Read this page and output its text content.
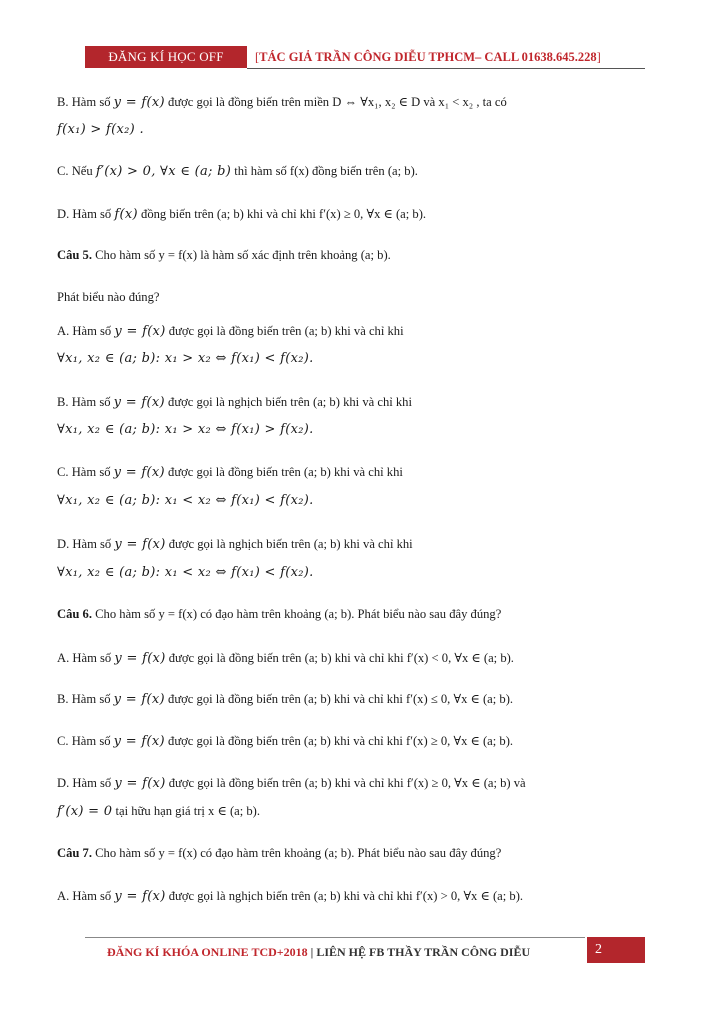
ĐĂNG KÍ HỌC OFF	[TÁC GIẢ TRẦN CÔNG DIỄU TPHCM– CALL 01638.645.228]
B. Hàm số y = f(x) được gọi là đồng biến trên miền D ⇔ ∀x₁, x₂ ∈ D và x₁ < x₂ , ta có
f(x₁) > f(x₂) .
C. Nếu f′(x) > 0, ∀x ∈ (a; b) thì hàm số f(x) đồng biến trên (a; b).
D. Hàm số f(x) đồng biến trên (a; b) khi và chỉ khi f′(x) ≥ 0, ∀x ∈ (a; b).
Câu 5. Cho hàm số y = f(x) là hàm số xác định trên khoảng (a; b).
Phát biểu nào đúng?
A. Hàm số y = f(x) được gọi là đồng biến trên (a; b) khi và chỉ khi
∀x₁, x₂ ∈ (a; b): x₁ > x₂ ⇔ f(x₁) < f(x₂).
B. Hàm số y = f(x) được gọi là nghịch biến trên (a; b) khi và chỉ khi
∀x₁, x₂ ∈ (a; b): x₁ > x₂ ⇔ f(x₁) > f(x₂).
C. Hàm số y = f(x) được gọi là đồng biến trên (a; b) khi và chỉ khi
∀x₁, x₂ ∈ (a; b): x₁ < x₂ ⇔ f(x₁) < f(x₂).
D. Hàm số y = f(x) được gọi là nghịch biến trên (a; b) khi và chỉ khi
∀x₁, x₂ ∈ (a; b): x₁ < x₂ ⇔ f(x₁) < f(x₂).
Câu 6. Cho hàm số y = f(x) có đạo hàm trên khoảng (a; b). Phát biểu nào sau đây đúng?
A. Hàm số y = f(x) được gọi là đồng biến trên (a; b) khi và chỉ khi f′(x) < 0, ∀x ∈ (a; b).
B. Hàm số y = f(x) được gọi là đồng biến trên (a; b) khi và chỉ khi f′(x) ≤ 0, ∀x ∈ (a; b).
C. Hàm số y = f(x) được gọi là đồng biến trên (a; b) khi và chỉ khi f′(x) ≥ 0, ∀x ∈ (a; b).
D. Hàm số y = f(x) được gọi là đồng biến trên (a; b) khi và chỉ khi f′(x) ≥ 0, ∀x ∈ (a; b) và
f′(x) = 0 tại hữu hạn giá trị x ∈ (a; b).
Câu 7. Cho hàm số y = f(x) có đạo hàm trên khoảng (a; b). Phát biểu nào sau đây đúng?
A. Hàm số y = f(x) được gọi là nghịch biến trên (a; b) khi và chỉ khi f′(x) > 0, ∀x ∈ (a; b).
ĐĂNG KÍ KHÓA ONLINE TCD+2018 | LIÊN HỆ FB THẦY TRẦN CÔNG DIỄU	2
